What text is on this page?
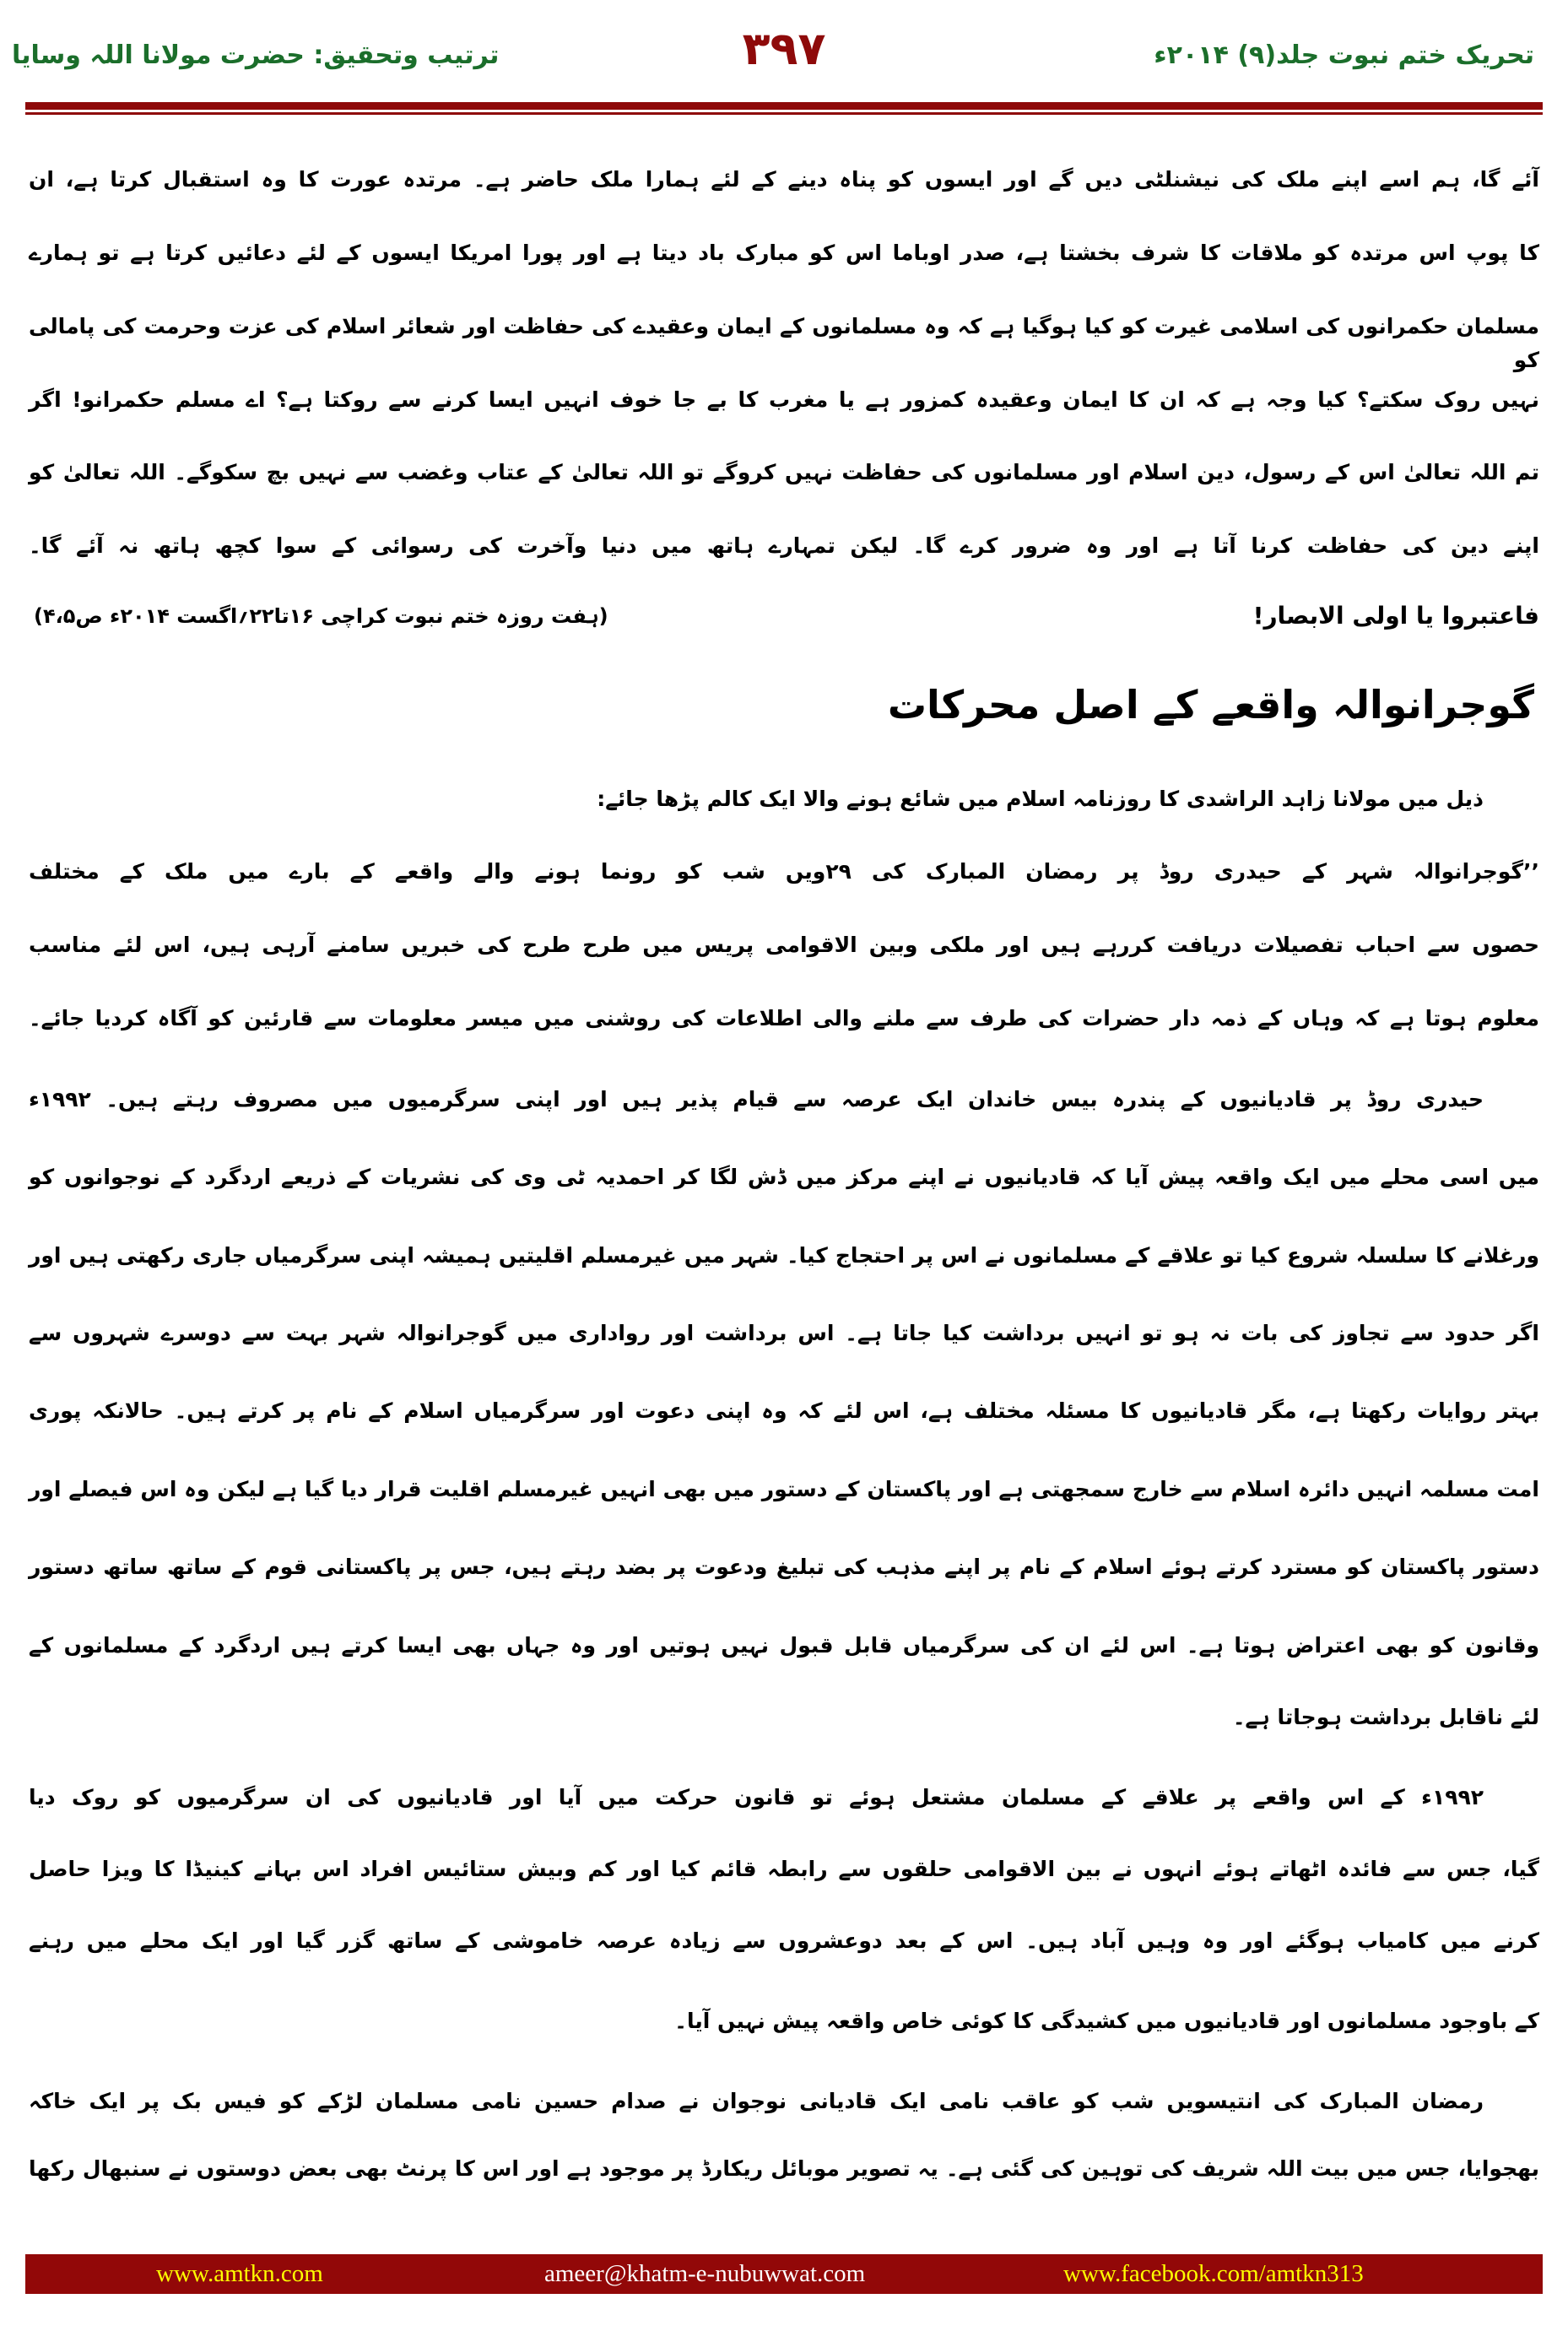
تحریک ختم نبوت جلد(۹) ۲۰۱۴ء
۳۹۷
ترتیب وتحقیق: حضرت مولانا اللہ وسایا
آئے گا، ہم اسے اپنے ملک کی نیشنلٹی دیں گے اور ایسوں کو پناہ دینے کے لئے ہمارا ملک حاضر ہے۔ مرتدہ عورت کا وہ استقبال کرتا ہے، ان
کا پوپ اس مرتدہ کو ملاقات کا شرف بخشتا ہے، صدر اوباما اس کو مبارک باد دیتا ہے اور پورا امریکا ایسوں کے لئے دعائیں کرتا ہے تو ہمارے
مسلمان حکمرانوں کی اسلامی غیرت کو کیا ہوگیا ہے کہ وہ مسلمانوں کے ایمان وعقیدے کی حفاظت اور شعائر اسلام کی عزت وحرمت کی پامالی کو
نہیں روک سکتے؟ کیا وجہ ہے کہ ان کا ایمان وعقیدہ کمزور ہے یا مغرب کا بے جا خوف انہیں ایسا کرنے سے روکتا ہے؟ اے مسلم حکمرانو! اگر
تم اللہ تعالیٰ اس کے رسول، دین اسلام اور مسلمانوں کی حفاظت نہیں کروگے تو اللہ تعالیٰ کے عتاب وغضب سے نہیں بچ سکوگے۔ اللہ تعالیٰ کو
اپنے دین کی حفاظت کرنا آتا ہے اور وہ ضرور کرے گا۔ لیکن تمہارے ہاتھ میں دنیا وآخرت کی رسوائی کے سوا کچھ ہاتھ نہ آئے گا۔
فاعتبروا یا اولی الابصار!
(ہفت روزہ ختم نبوت کراچی ۱۶تا۲۲؍اگست ۲۰۱۴ء ص۴،۵)
گوجرانوالہ واقعے کے اصل محرکات
ذیل میں مولانا زاہد الراشدی کا روزنامہ اسلام میں شائع ہونے والا ایک کالم پڑھا جائے:
’’گوجرانوالہ شہر کے حیدری روڈ پر رمضان المبارک کی ۲۹ویں شب کو رونما ہونے والے واقعے کے بارے میں ملک کے مختلف
حصوں سے احباب تفصیلات دریافت کررہے ہیں اور ملکی وبین الاقوامی پریس میں طرح طرح کی خبریں سامنے آرہی ہیں، اس لئے مناسب
معلوم ہوتا ہے کہ وہاں کے ذمہ دار حضرات کی طرف سے ملنے والی اطلاعات کی روشنی میں میسر معلومات سے قارئین کو آگاہ کردیا جائے۔
حیدری روڈ پر قادیانیوں کے پندرہ بیس خاندان ایک عرصہ سے قیام پذیر ہیں اور اپنی سرگرمیوں میں مصروف رہتے ہیں۔ ۱۹۹۲ء
میں اسی محلے میں ایک واقعہ پیش آیا کہ قادیانیوں نے اپنے مرکز میں ڈش لگا کر احمدیہ ٹی وی کی نشریات کے ذریعے اردگرد کے نوجوانوں کو
ورغلانے کا سلسلہ شروع کیا تو علاقے کے مسلمانوں نے اس پر احتجاج کیا۔ شہر میں غیرمسلم اقلیتیں ہمیشہ اپنی سرگرمیاں جاری رکھتی ہیں اور
اگر حدود سے تجاوز کی بات نہ ہو تو انہیں برداشت کیا جاتا ہے۔ اس برداشت اور رواداری میں گوجرانوالہ شہر بہت سے دوسرے شہروں سے
بہتر روایات رکھتا ہے، مگر قادیانیوں کا مسئلہ مختلف ہے، اس لئے کہ وہ اپنی دعوت اور سرگرمیاں اسلام کے نام پر کرتے ہیں۔ حالانکہ پوری
امت مسلمہ انہیں دائرہ اسلام سے خارج سمجھتی ہے اور پاکستان کے دستور میں بھی انہیں غیرمسلم اقلیت قرار دیا گیا ہے لیکن وہ اس فیصلے اور
دستور پاکستان کو مسترد کرتے ہوئے اسلام کے نام پر اپنے مذہب کی تبلیغ ودعوت پر بضد رہتے ہیں، جس پر پاکستانی قوم کے ساتھ ساتھ دستور
وقانون کو بھی اعتراض ہوتا ہے۔ اس لئے ان کی سرگرمیاں قابل قبول نہیں ہوتیں اور وہ جہاں بھی ایسا کرتے ہیں اردگرد کے مسلمانوں کے
لئے ناقابل برداشت ہوجاتا ہے۔
۱۹۹۲ء کے اس واقعے پر علاقے کے مسلمان مشتعل ہوئے تو قانون حرکت میں آیا اور قادیانیوں کی ان سرگرمیوں کو روک دیا
گیا، جس سے فائدہ اٹھاتے ہوئے انہوں نے بین الاقوامی حلقوں سے رابطہ قائم کیا اور کم وبیش ستائیس افراد اس بہانے کینیڈا کا ویزا حاصل
کرنے میں کامیاب ہوگئے اور وہ وہیں آباد ہیں۔ اس کے بعد دوعشروں سے زیادہ عرصہ خاموشی کے ساتھ گزر گیا اور ایک محلے میں رہنے
کے باوجود مسلمانوں اور قادیانیوں میں کشیدگی کا کوئی خاص واقعہ پیش نہیں آیا۔
رمضان المبارک کی انتیسویں شب کو عاقب نامی ایک قادیانی نوجوان نے صدام حسین نامی مسلمان لڑکے کو فیس بک پر ایک خاکہ
بھجوایا، جس میں بیت اللہ شریف کی توہین کی گئی ہے۔ یہ تصویر موبائل ریکارڈ پر موجود ہے اور اس کا پرنٹ بھی بعض دوستوں نے سنبھال رکھا
www.amtkn.com	ameer@khatm-e-nubuwwat.com	www.facebook.com/amtkn313
